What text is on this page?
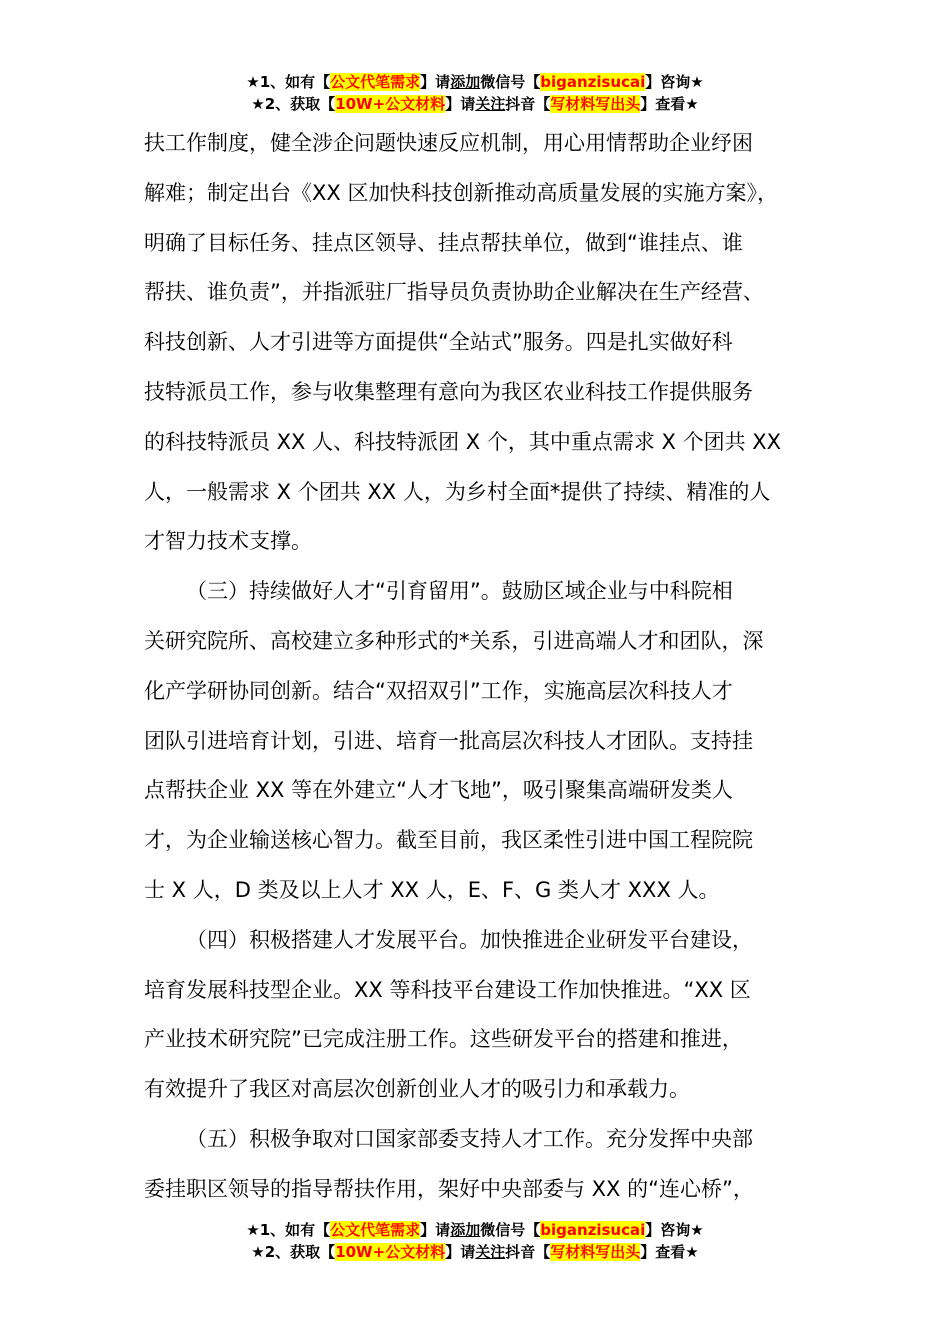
★1、如有【公文代笔需求】请添加微信号【biganzisucai】咨询★
★2、获取【10W+公文材料】请关注抖音【写材料写出头】查看★
扶工作制度，健全涉企问题快速反应机制，用心用情帮助企业纾困
解难；制定出台《XX 区加快科技创新推动高质量发展的实施方案》，
明确了目标任务、挂点区领导、挂点帮扶单位，做到“谁挂点、谁
帮扶、谁负责”，并指派驻厂指导员负责协助企业解决在生产经营、
科技创新、人才引进等方面提供“全站式”服务。四是扎实做好科
技特派员工作，参与收集整理有意向为我区农业科技工作提供服务
的科技特派员 XX 人、科技特派团 X 个，其中重点需求 X 个团共 XX
人，一般需求 X 个团共 XX 人，为乡村全面*提供了持续、精准的人
才智力技术支撑。
（三）持续做好人才“引育留用”。鼓励区域企业与中科院相
关研究院所、高校建立多种形式的*关系，引进高端人才和团队，深
化产学研协同创新。结合“双招双引”工作，实施高层次科技人才
团队引进培育计划，引进、培育一批高层次科技人才团队。支持挂
点帮扶企业 XX 等在外建立“人才飞地”，吸引聚集高端研发类人
才，为企业输送核心智力。截至目前，我区柔性引进中国工程院院
士 X 人，D 类及以上人才 XX 人，E、F、G 类人才 XXX 人。
（四）积极搭建人才发展平台。加快推进企业研发平台建设，
培育发展科技型企业。XX 等科技平台建设工作加快推进。“XX 区
产业技术研究院”已完成注册工作。这些研发平台的搭建和推进，
有效提升了我区对高层次创新创业人才的吸引力和承载力。
（五）积极争取对口国家部委支持人才工作。充分发挥中央部
委挂职区领导的指导帮扶作用，架好中央部委与 XX 的“连心桥”，
★1、如有【公文代笔需求】请添加微信号【biganzisucai】咨询★
★2、获取【10W+公文材料】请关注抖音【写材料写出头】查看★
